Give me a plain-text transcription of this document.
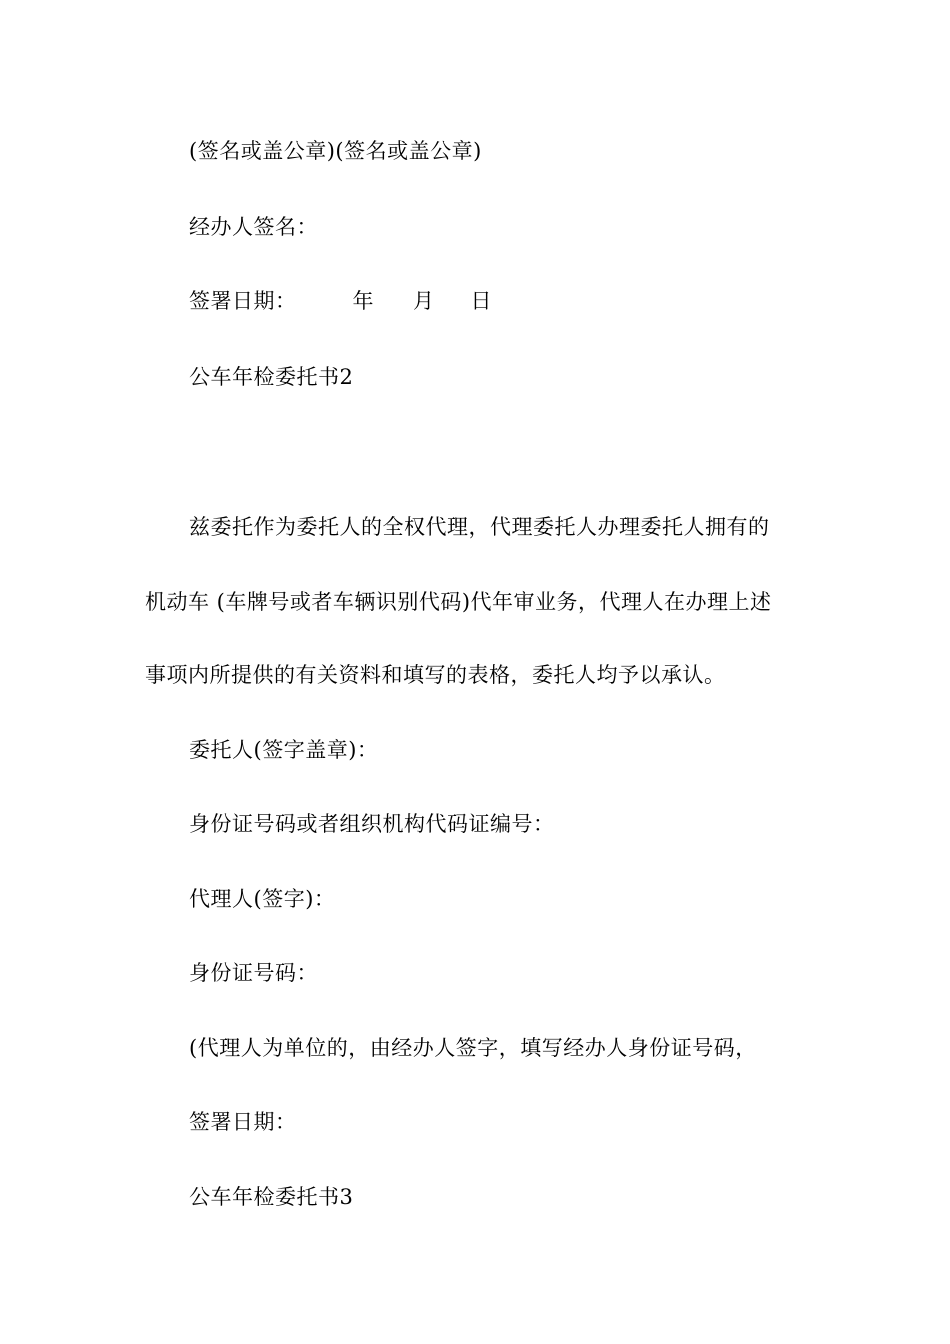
(签名或盖公章)(签名或盖公章)
经办人签名：
签署日期：	年 月 日
公车年检委托书2
兹委托作为委托人的全权代理，代理委托人办理委托人拥有的
机动车 (车牌号或者车辆识别代码)代年审业务，代理人在办理上述
事项内所提供的有关资料和填写的表格，委托人均予以承认。
委托人(签字盖章)：
身份证号码或者组织机构代码证编号：
代理人(签字)：
身份证号码：
(代理人为单位的，由经办人签字，填写经办人身份证号码，
签署日期：
公车年检委托书3
